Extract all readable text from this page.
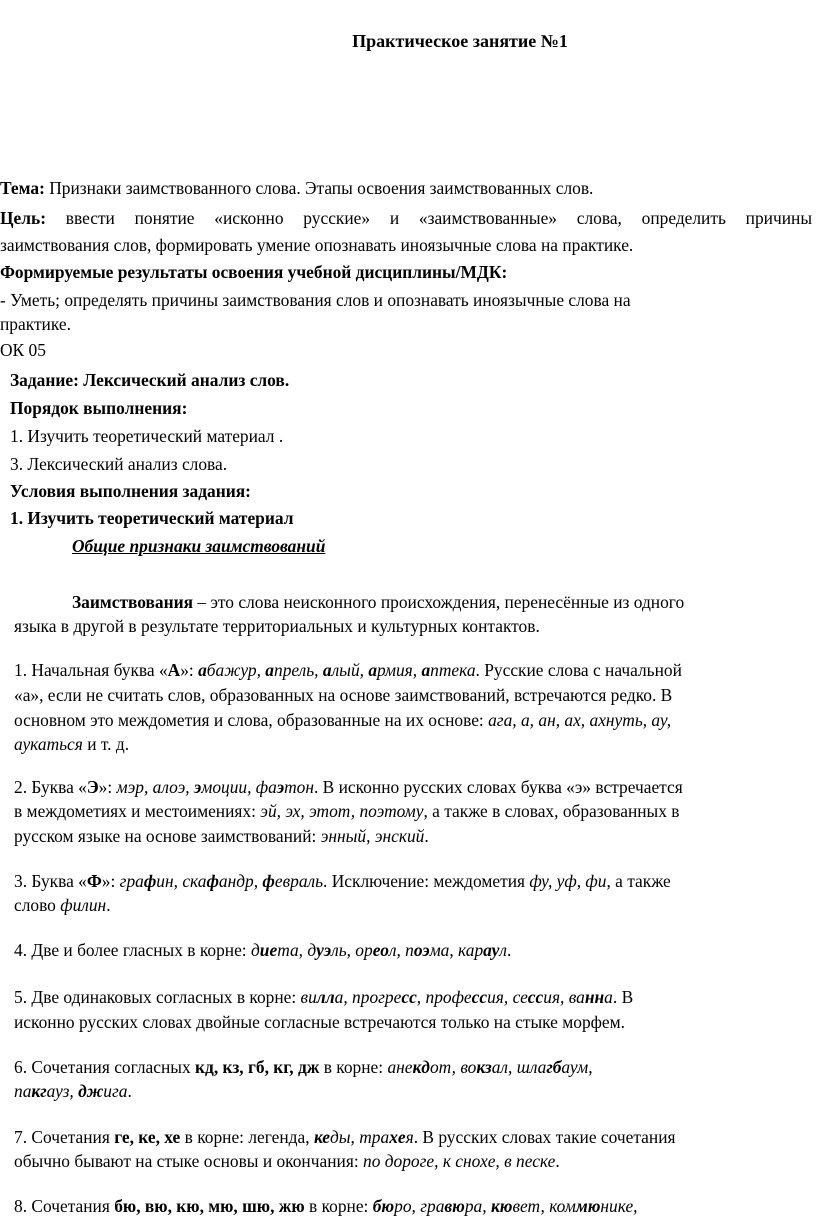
Практическое занятие №1
Тема: Признаки заимствованного слова. Этапы освоения заимствованных слов.
Цель: ввести понятие «исконно русские» и «заимствованные» слова, определить причины
заимствования слов, формировать умение опознавать иноязычные слова на практике.
Формируемые результаты освоения учебной дисциплины/МДК:
- Уметь; определять причины заимствования слов и опознавать иноязычные слова на
практике.
ОК 05
Задание: Лексический анализ слов.
Порядок выполнения:
1. Изучить теоретический материал .
3. Лексический анализ слова.
Условия выполнения задания:
1. Изучить теоретический материал
Общие признаки заимствований
Заимствования – это слова неисконного происхождения, перенесённые из одного
языка в другой в результате территориальных и культурных контактов.
1. Начальная буква «А»: абажур, апрель, алый, армия, аптека. Русские слова с начальной
«а», если не считать слов, образованных на основе заимствований, встречаются редко. В
основном это междометия и слова, образованные на их основе: ага, а, ан, ах, ахнуть, ау,
аукаться и т. д.
2. Буква «Э»: мэр, алоэ, эмоции, фаэтон. В исконно русских словах буква «э» встречается
в междометиях и местоимениях: эй, эх, этот, поэтому, а также в словах, образованных в
русском языке на основе заимствований: энный, энский.
3. Буква «Ф»: графин, скафандр, февраль. Исключение: междометия фу, уф, фи, а также
слово филин.
4. Две и более гласных в корне: диета, дуэль, ореол, поэма, караул.
5. Две одинаковых согласных в корне: вилла, прогресс, профессия, сессия, ванна. В
исконно русских словах двойные согласные встречаются только на стыке морфем.
6. Сочетания согласных кд, кз, гб, кг, дж в корне: анекдот, вокзал, шлагбаум,
пакгауз, джига.
7. Сочетания ге, ке, хе в корне: легенда, кеды, трахея. В русских словах такие сочетания
обычно бывают на стыке основы и окончания: по дороге, к снохе, в песке.
8. Сочетания бю, вю, кю, мю, шю, жю в корне: бюро, гравюра, кювет, коммюнике,
